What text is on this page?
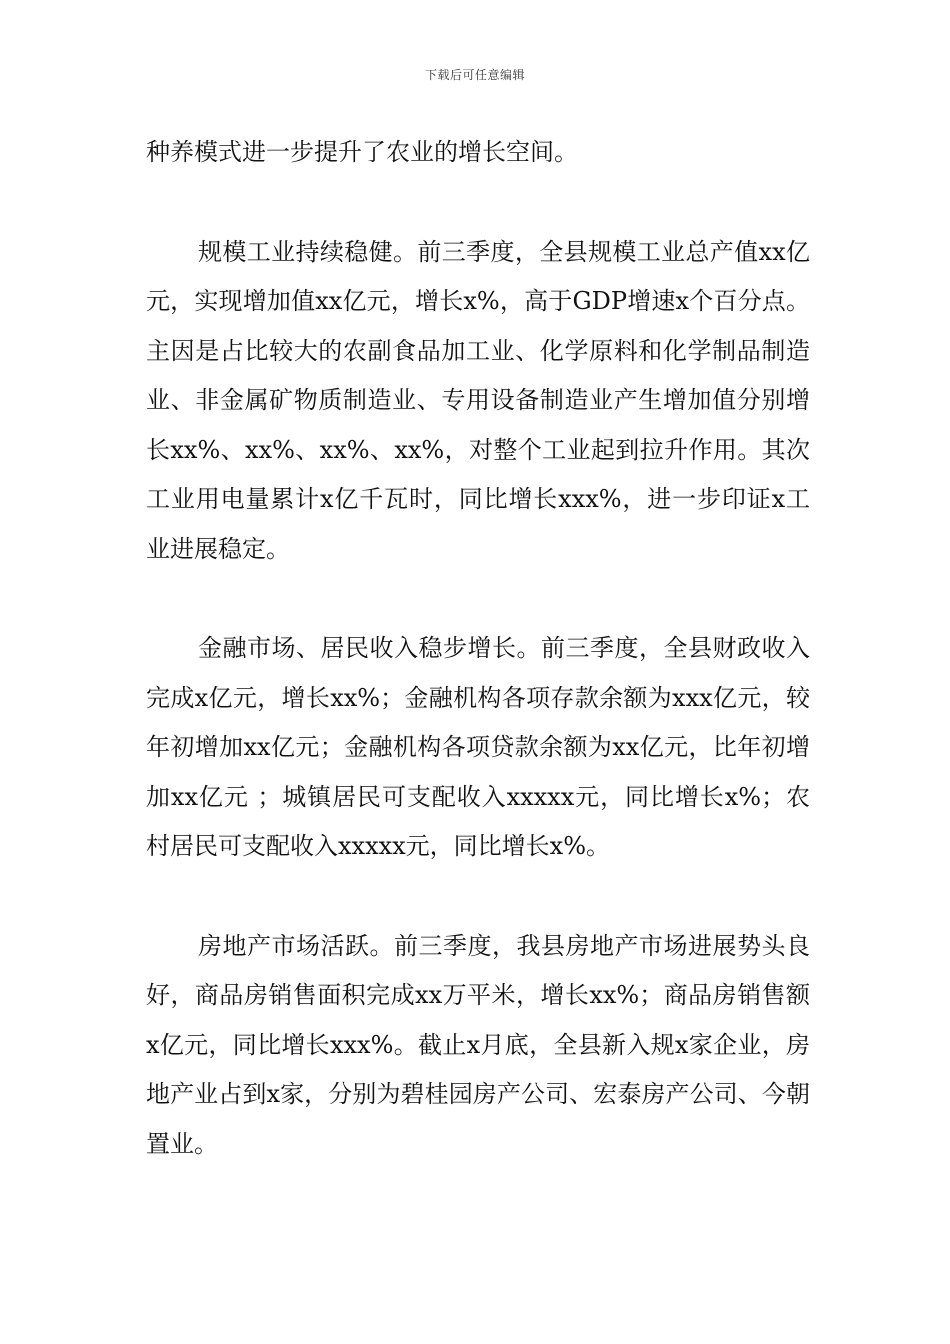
下载后可任意编辑

种养模式进一步提升了农业的增长空间。

规模工业持续稳健。前三季度，全县规模工业总产值xx亿元，实现增加值xx亿元，增长x%，高于GDP增速x个百分点。主因是占比较大的农副食品加工业、化学原料和化学制品制造业、非金属矿物质制造业、专用设备制造业产生增加值分别增长xx%、xx%、xx%、xx%，对整个工业起到拉升作用。其次工业用电量累计x亿千瓦时，同比增长xxx%，进一步印证x工业进展稳定。

金融市场、居民收入稳步增长。前三季度，全县财政收入完成x亿元，增长xx%；金融机构各项存款余额为xxx亿元，较年初增加xx亿元；金融机构各项贷款余额为xx亿元，比年初增加xx亿元 ；城镇居民可支配收入xxxxx元，同比增长x%；农村居民可支配收入xxxxx元，同比增长x%。

房地产市场活跃。前三季度，我县房地产市场进展势头良好，商品房销售面积完成xx万平米，增长xx%；商品房销售额x亿元，同比增长xxx%。截止x月底，全县新入规x家企业，房地产业占到x家，分别为碧桂园房产公司、宏泰房产公司、今朝置业。
